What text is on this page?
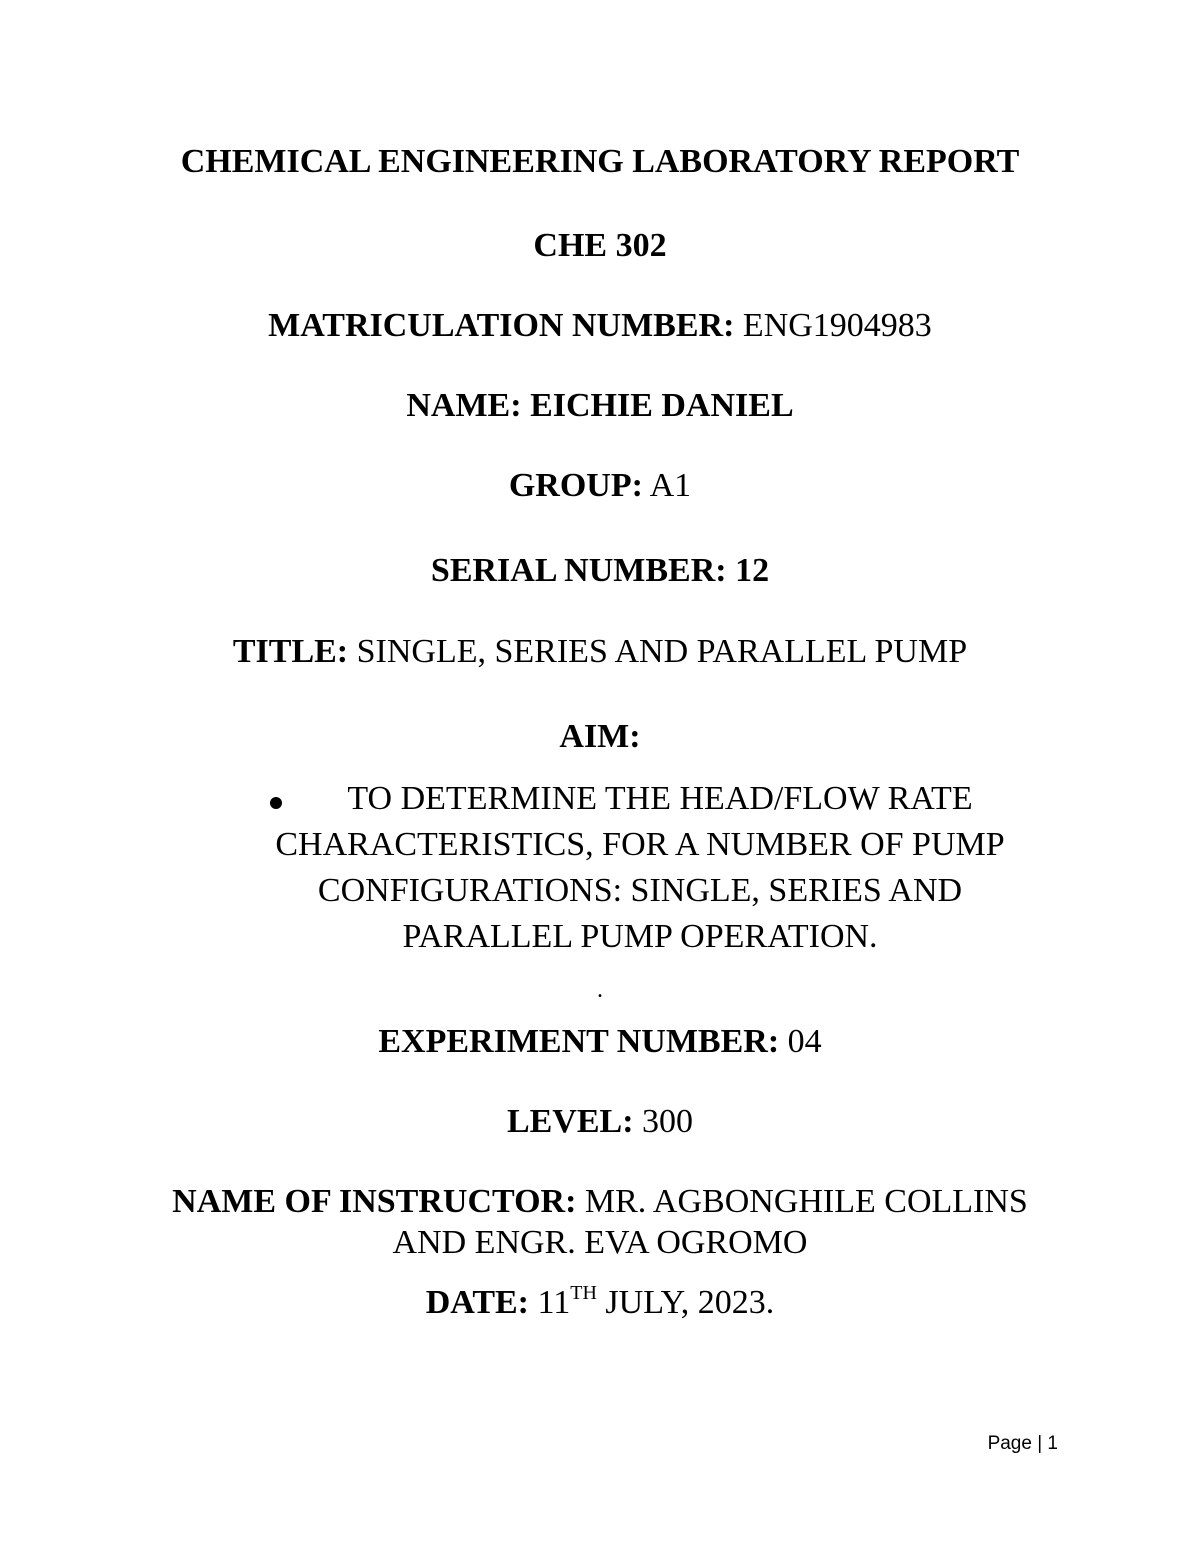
CHEMICAL ENGINEERING LABORATORY REPORT
CHE 302
MATRICULATION NUMBER: ENG1904983
NAME: EICHIE DANIEL
GROUP: A1
SERIAL NUMBER: 12
TITLE: SINGLE, SERIES AND PARALLEL PUMP
AIM:
TO DETERMINE THE HEAD/FLOW RATE
CHARACTERISTICS, FOR A NUMBER OF PUMP
CONFIGURATIONS: SINGLE, SERIES AND
PARALLEL PUMP OPERATION.
.
EXPERIMENT NUMBER: 04
LEVEL: 300
NAME OF INSTRUCTOR: MR. AGBONGHILE COLLINS
AND ENGR. EVA OGROMO
DATE: 11TH JULY, 2023.
Page | 1
